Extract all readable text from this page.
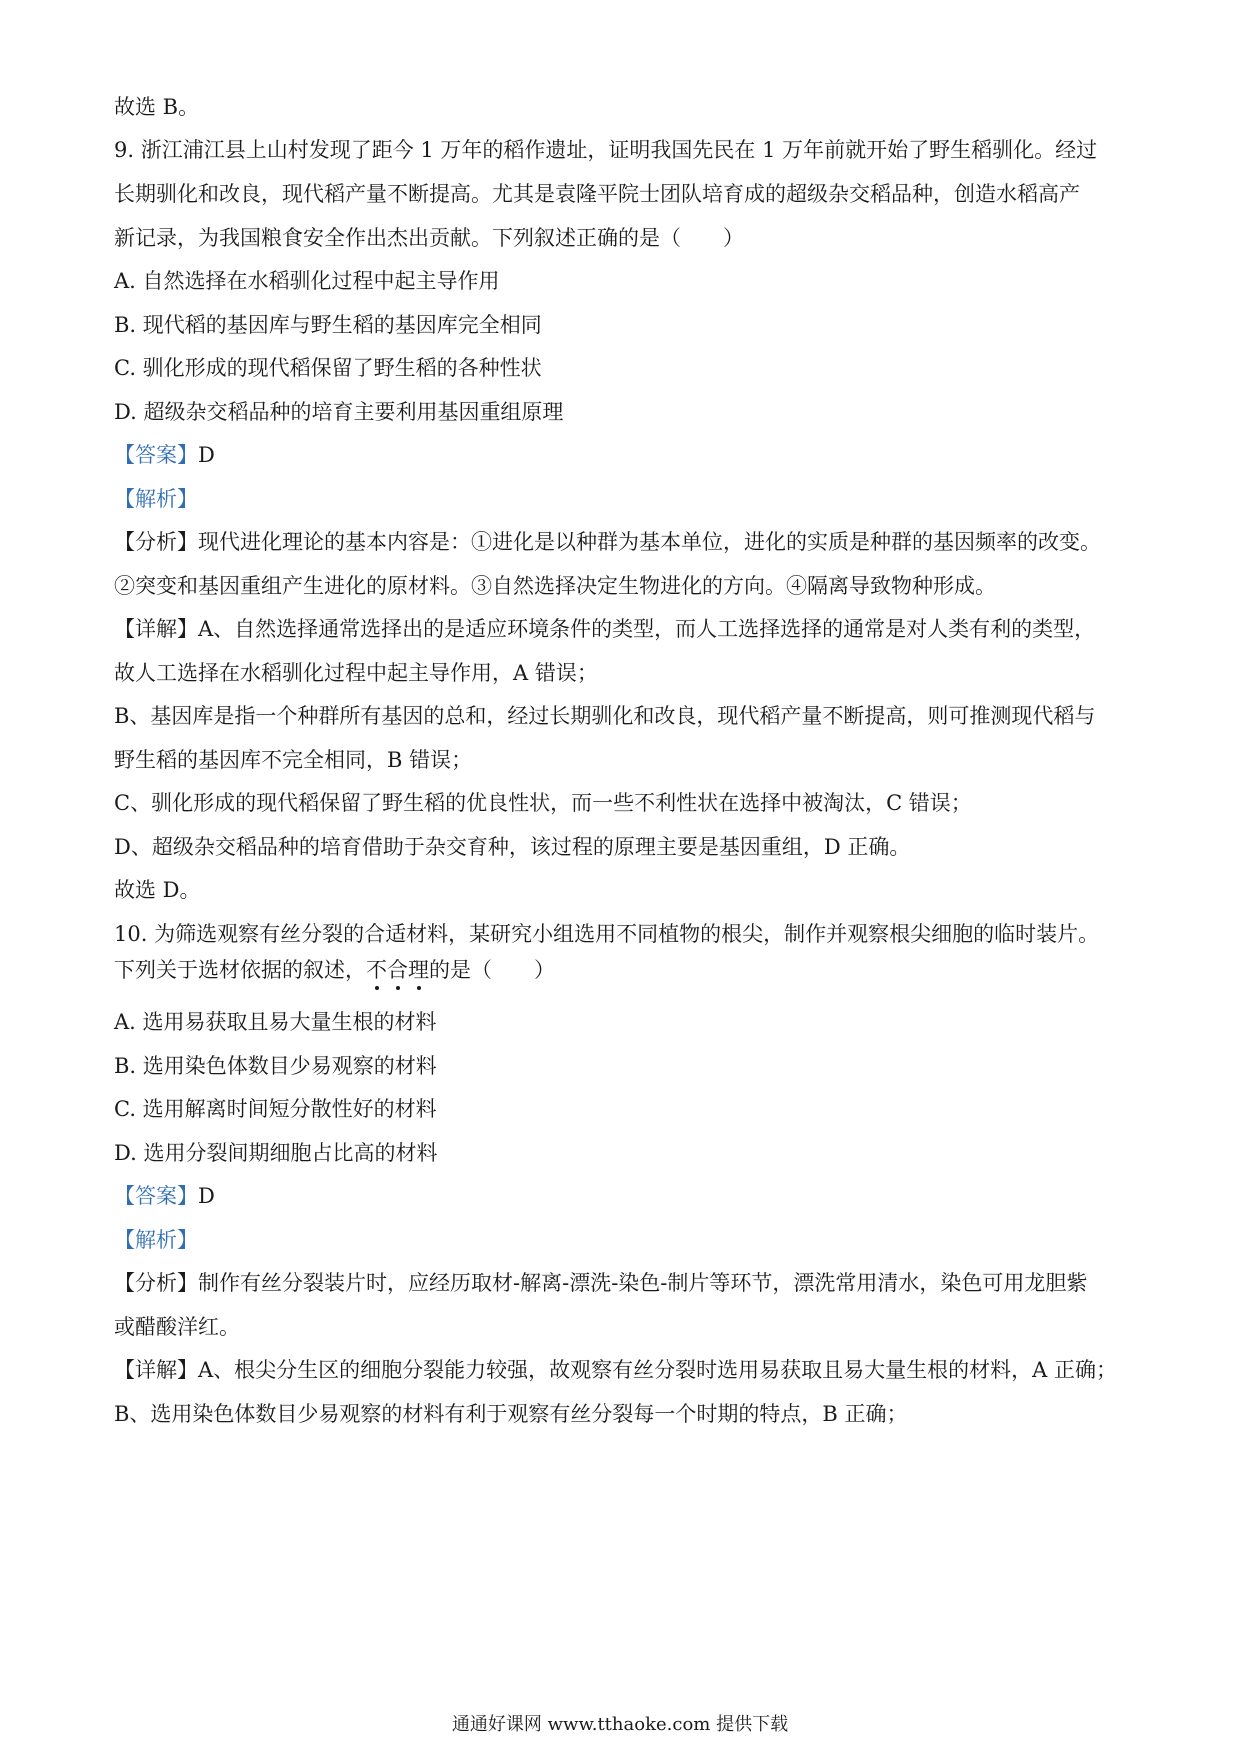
故选 B。
9. 浙江浦江县上山村发现了距今 1 万年的稻作遗址，证明我国先民在 1 万年前就开始了野生稻驯化。经过
长期驯化和改良，现代稻产量不断提高。尤其是袁隆平院士团队培育成的超级杂交稻品种，创造水稻高产
新记录，为我国粮食安全作出杰出贡献。下列叙述正确的是（　　）
A. 自然选择在水稻驯化过程中起主导作用
B. 现代稻的基因库与野生稻的基因库完全相同
C. 驯化形成的现代稻保留了野生稻的各种性状
D. 超级杂交稻品种的培育主要利用基因重组原理
【答案】D
【解析】
【分析】现代进化理论的基本内容是：①进化是以种群为基本单位，进化的实质是种群的基因频率的改变。
②突变和基因重组产生进化的原材料。③自然选择决定生物进化的方向。④隔离导致物种形成。
【详解】A、自然选择通常选择出的是适应环境条件的类型，而人工选择选择的通常是对人类有利的类型，
故人工选择在水稻驯化过程中起主导作用，A 错误；
B、基因库是指一个种群所有基因的总和，经过长期驯化和改良，现代稻产量不断提高，则可推测现代稻与
野生稻的基因库不完全相同，B 错误；
C、驯化形成的现代稻保留了野生稻的优良性状，而一些不利性状在选择中被淘汰，C 错误；
D、超级杂交稻品种的培育借助于杂交育种，该过程的原理主要是基因重组，D 正确。
故选 D。
10. 为筛选观察有丝分裂的合适材料，某研究小组选用不同植物的根尖，制作并观察根尖细胞的临时装片。
下列关于选材依据的叙述，不合理的是（　　）
A. 选用易获取且易大量生根的材料
B. 选用染色体数目少易观察的材料
C. 选用解离时间短分散性好的材料
D. 选用分裂间期细胞占比高的材料
【答案】D
【解析】
【分析】制作有丝分裂装片时，应经历取材-解离-漂洗-染色-制片等环节，漂洗常用清水，染色可用龙胆紫
或醋酸洋红。
【详解】A、根尖分生区的细胞分裂能力较强，故观察有丝分裂时选用易获取且易大量生根的材料，A 正确；
B、选用染色体数目少易观察的材料有利于观察有丝分裂每一个时期的特点，B 正确；
通通好课网 www.tthaoke.com 提供下载
